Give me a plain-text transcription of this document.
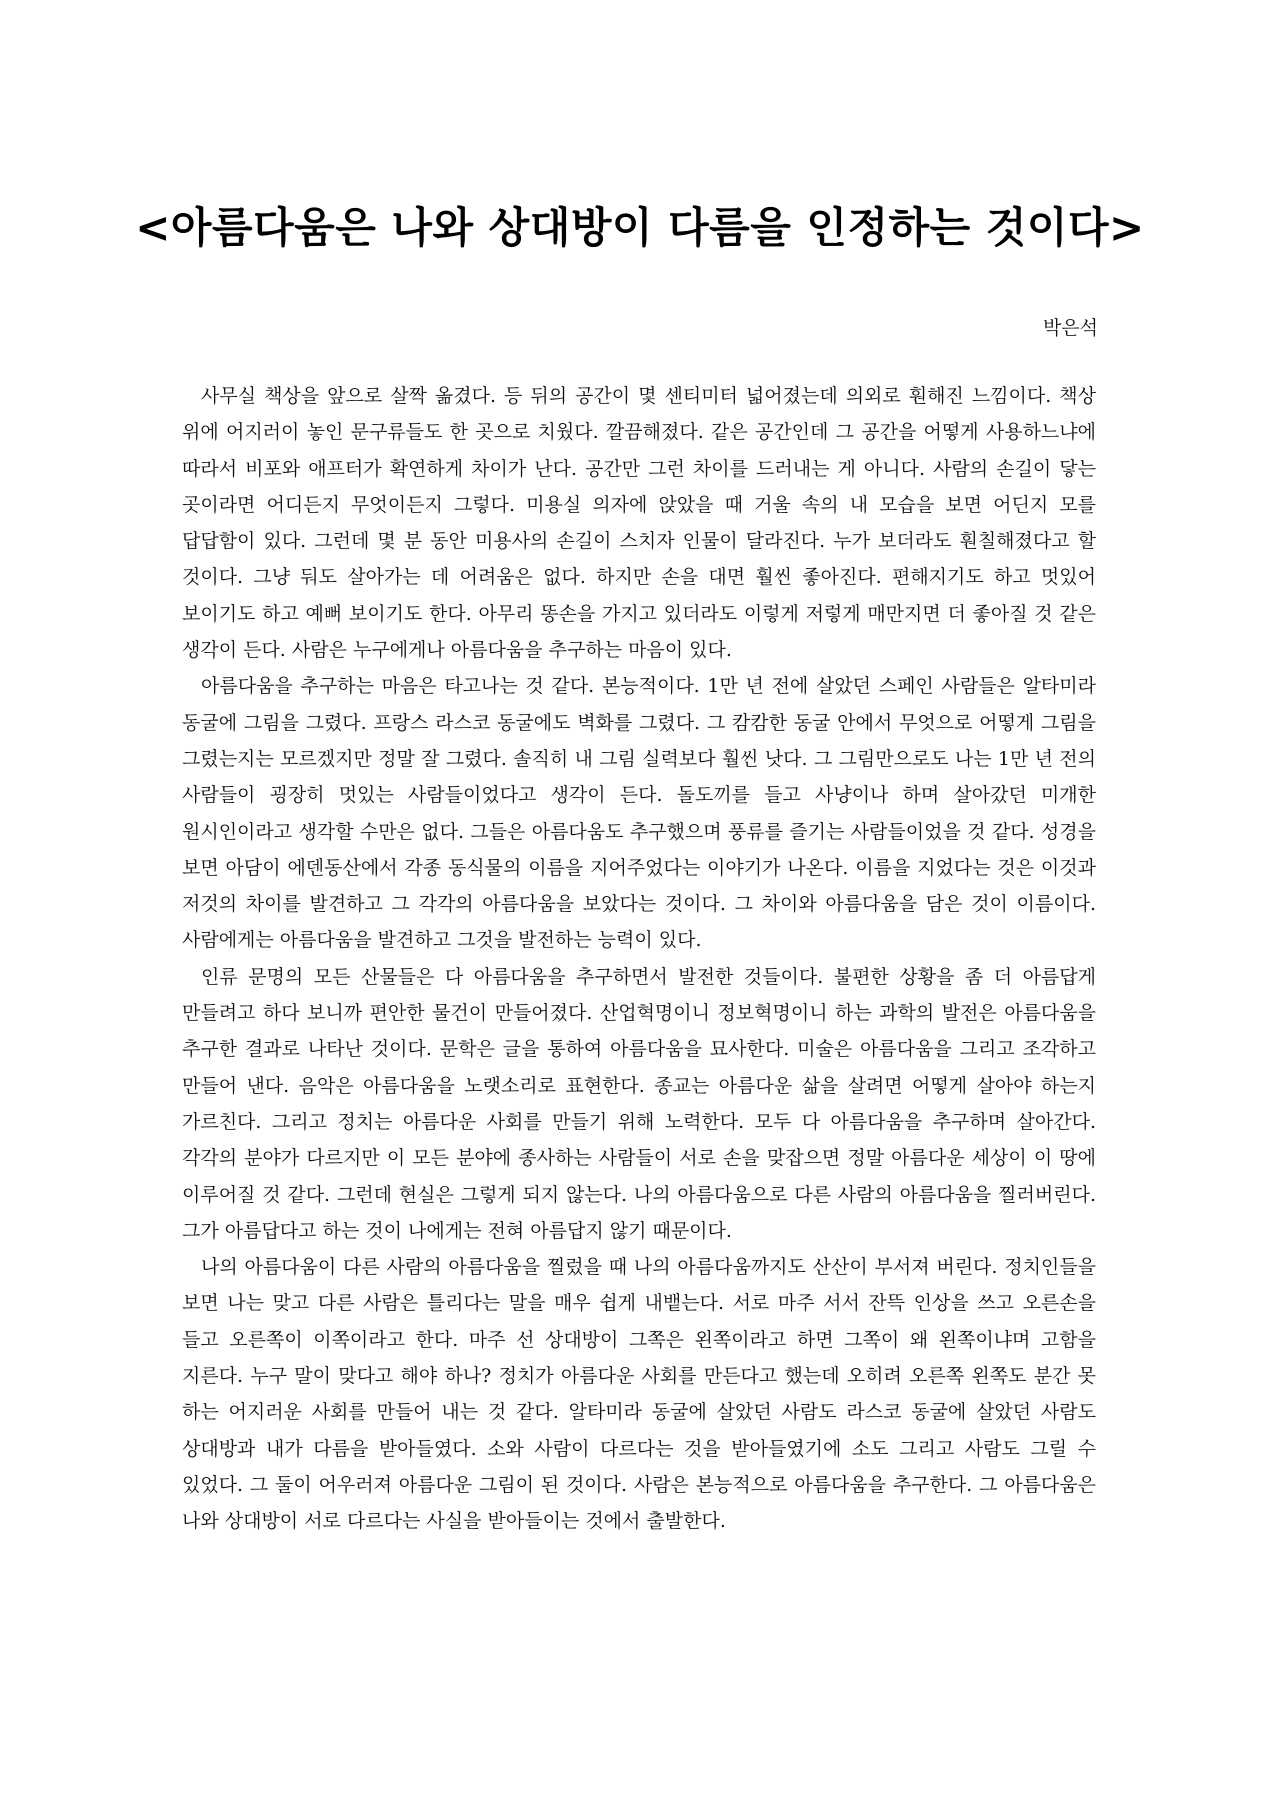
<아름다움은 나와 상대방이 다름을 인정하는 것이다>
박은석

사무실 책상을 앞으로 살짝 옮겼다. 등 뒤의 공간이 몇 센티미터 넓어졌는데 의외로 훤해진 느낌이다. 책상 위에 어지러이 놓인 문구류들도 한 곳으로 치웠다. 깔끔해졌다. 같은 공간인데 그 공간을 어떻게 사용하느냐에 따라서 비포와 애프터가 확연하게 차이가 난다. 공간만 그런 차이를 드러내는 게 아니다. 사람의 손길이 닿는 곳이라면 어디든지 무엇이든지 그렇다. 미용실 의자에 앉았을 때 거울 속의 내 모습을 보면 어딘지 모를 답답함이 있다. 그런데 몇 분 동안 미용사의 손길이 스치자 인물이 달라진다. 누가 보더라도 훤칠해졌다고 할 것이다. 그냥 둬도 살아가는 데 어려움은 없다. 하지만 손을 대면 훨씬 좋아진다. 편해지기도 하고 멋있어 보이기도 하고 예뻐 보이기도 한다. 아무리 똥손을 가지고 있더라도 이렇게 저렇게 매만지면 더 좋아질 것 같은 생각이 든다. 사람은 누구에게나 아름다움을 추구하는 마음이 있다.

아름다움을 추구하는 마음은 타고나는 것 같다. 본능적이다. 1만 년 전에 살았던 스페인 사람들은 알타미라 동굴에 그림을 그렸다. 프랑스 라스코 동굴에도 벽화를 그렸다. 그 캄캄한 동굴 안에서 무엇으로 어떻게 그림을 그렸는지는 모르겠지만 정말 잘 그렸다. 솔직히 내 그림 실력보다 훨씬 낫다. 그 그림만으로도 나는 1만 년 전의 사람들이 굉장히 멋있는 사람들이었다고 생각이 든다. 돌도끼를 들고 사냥이나 하며 살아갔던 미개한 원시인이라고 생각할 수만은 없다. 그들은 아름다움도 추구했으며 풍류를 즐기는 사람들이었을 것 같다. 성경을 보면 아담이 에덴동산에서 각종 동식물의 이름을 지어주었다는 이야기가 나온다. 이름을 지었다는 것은 이것과 저것의 차이를 발견하고 그 각각의 아름다움을 보았다는 것이다. 그 차이와 아름다움을 담은 것이 이름이다. 사람에게는 아름다움을 발견하고 그것을 발전하는 능력이 있다.

인류 문명의 모든 산물들은 다 아름다움을 추구하면서 발전한 것들이다. 불편한 상황을 좀 더 아름답게 만들려고 하다 보니까 편안한 물건이 만들어졌다. 산업혁명이니 정보혁명이니 하는 과학의 발전은 아름다움을 추구한 결과로 나타난 것이다. 문학은 글을 통하여 아름다움을 묘사한다. 미술은 아름다움을 그리고 조각하고 만들어 낸다. 음악은 아름다움을 노랫소리로 표현한다. 종교는 아름다운 삶을 살려면 어떻게 살아야 하는지 가르친다. 그리고 정치는 아름다운 사회를 만들기 위해 노력한다. 모두 다 아름다움을 추구하며 살아간다. 각각의 분야가 다르지만 이 모든 분야에 종사하는 사람들이 서로 손을 맞잡으면 정말 아름다운 세상이 이 땅에 이루어질 것 같다. 그런데 현실은 그렇게 되지 않는다. 나의 아름다움으로 다른 사람의 아름다움을 찔러버린다. 그가 아름답다고 하는 것이 나에게는 전혀 아름답지 않기 때문이다.

나의 아름다움이 다른 사람의 아름다움을 찔렀을 때 나의 아름다움까지도 산산이 부서져 버린다. 정치인들을 보면 나는 맞고 다른 사람은 틀리다는 말을 매우 쉽게 내뱉는다. 서로 마주 서서 잔뜩 인상을 쓰고 오른손을 들고 오른쪽이 이쪽이라고 한다. 마주 선 상대방이 그쪽은 왼쪽이라고 하면 그쪽이 왜 왼쪽이냐며 고함을 지른다. 누구 말이 맞다고 해야 하나? 정치가 아름다운 사회를 만든다고 했는데 오히려 오른쪽 왼쪽도 분간 못 하는 어지러운 사회를 만들어 내는 것 같다. 알타미라 동굴에 살았던 사람도 라스코 동굴에 살았던 사람도 상대방과 내가 다름을 받아들였다. 소와 사람이 다르다는 것을 받아들였기에 소도 그리고 사람도 그릴 수 있었다. 그 둘이 어우러져 아름다운 그림이 된 것이다. 사람은 본능적으로 아름다움을 추구한다. 그 아름다움은 나와 상대방이 서로 다르다는 사실을 받아들이는 것에서 출발한다.
